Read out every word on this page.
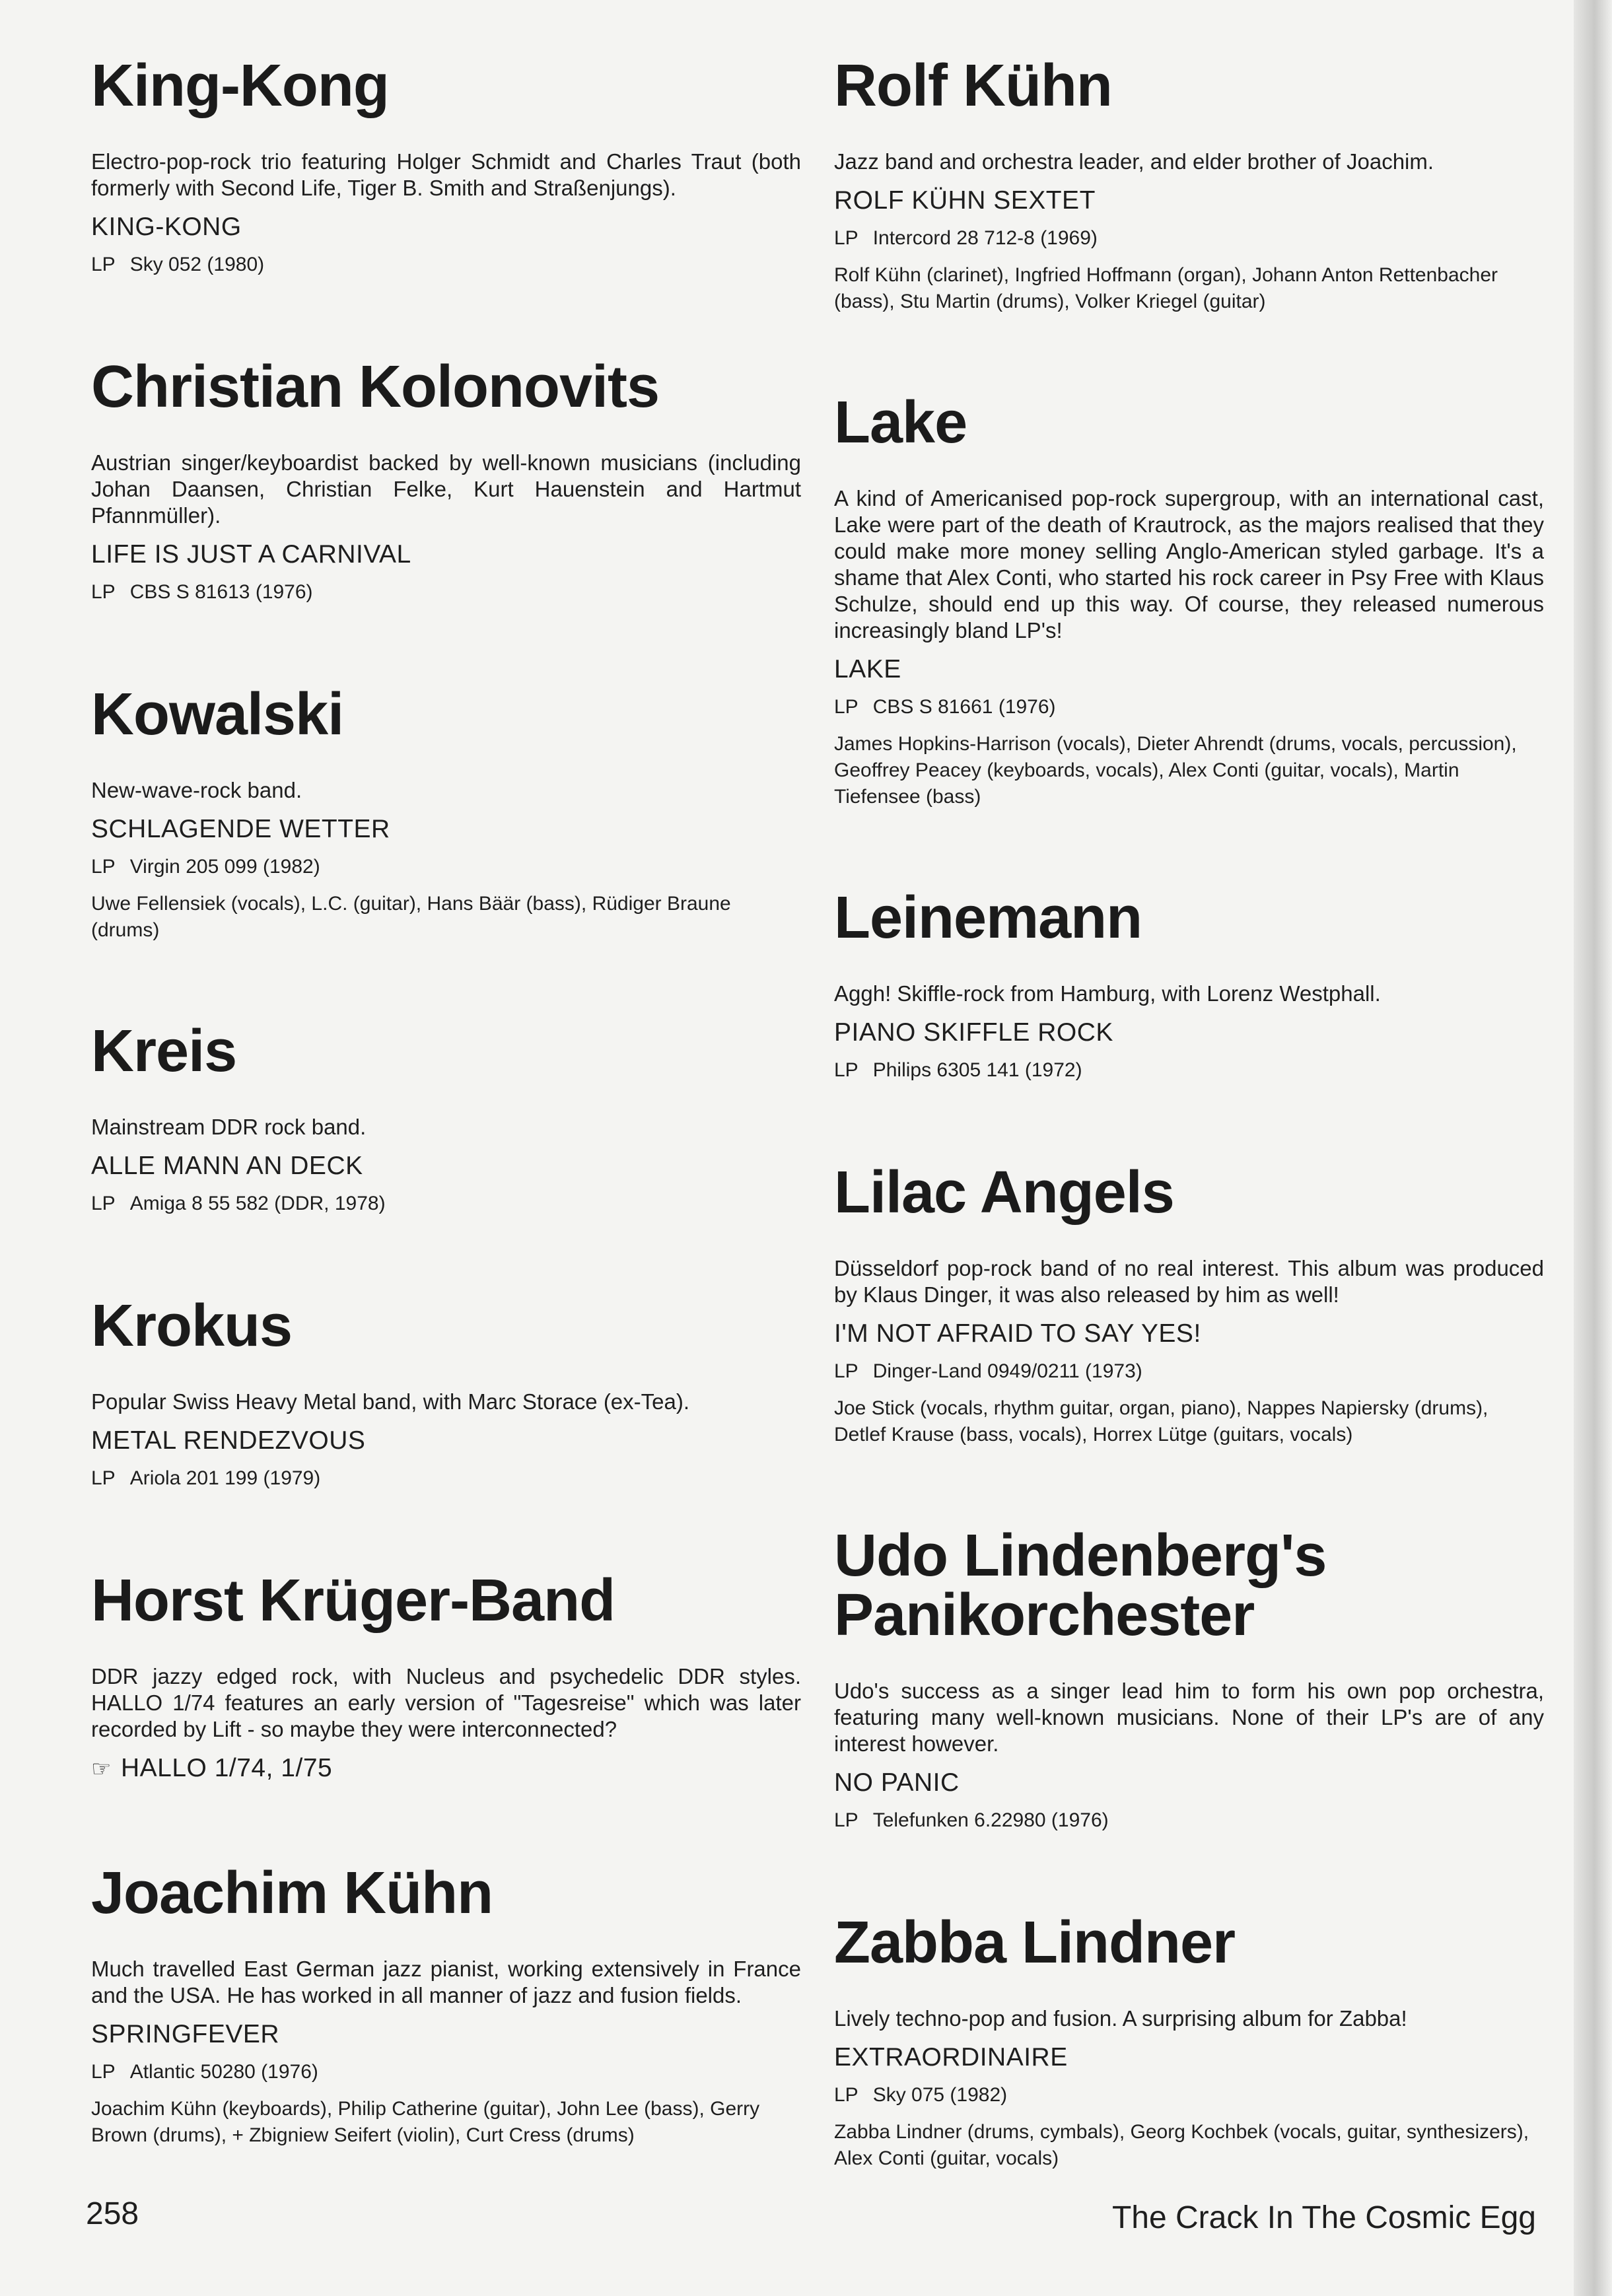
King-Kong

Electro-pop-rock trio featuring Holger Schmidt and Charles Traut (both formerly with Second Life, Tiger B. Smith and Straßenjungs).

KING-KONG
LP Sky 052 (1980)
Christian Kolonovits

Austrian singer/keyboardist backed by well-known musicians (including Johan Daansen, Christian Felke, Kurt Hauenstein and Hartmut Pfannmüller).

LIFE IS JUST A CARNIVAL
LP CBS S 81613 (1976)
Kowalski

New-wave-rock band.

SCHLAGENDE WETTER
LP Virgin 205 099 (1982)

Uwe Fellensiek (vocals), L.C. (guitar), Hans Bäär (bass), Rüdiger Braune (drums)

Kreis

Mainstream DDR rock band.

ALLE MANN AN DECK
LP Amiga 8 55 582 (DDR, 1978)
Krokus

Popular Swiss Heavy Metal band, with Marc Storace (ex-Tea).

METAL RENDEZVOUS
LP Ariola 201 199 (1979)
Horst Krüger-Band

DDR jazzy edged rock, with Nucleus and psychedelic DDR styles. HALLO 1/74 features an early version of "Tagesreise" which was later recorded by Lift - so maybe they were interconnected?

☞ HALLO 1/74, 1/75
Joachim Kühn

Much travelled East German jazz pianist, working extensively in France and the USA. He has worked in all manner of jazz and fusion fields.

SPRINGFEVER
LP Atlantic 50280 (1976)

Joachim Kühn (keyboards), Philip Catherine (guitar), John Lee (bass), Gerry Brown (drums), + Zbigniew Seifert (violin), Curt Cress (drums)

Rolf Kühn

Jazz band and orchestra leader, and elder brother of Joachim.

ROLF KÜHN SEXTET
LP Intercord 28 712-8 (1969)

Rolf Kühn (clarinet), Ingfried Hoffmann (organ), Johann Anton Rettenbacher (bass), Stu Martin (drums), Volker Kriegel (guitar)

Lake

A kind of Americanised pop-rock supergroup, with an international cast, Lake were part of the death of Krautrock, as the majors realised that they could make more money selling Anglo-American styled garbage. It's a shame that Alex Conti, who started his rock career in Psy Free with Klaus Schulze, should end up this way. Of course, they released numerous increasingly bland LP's!

LAKE
LP CBS S 81661 (1976)

James Hopkins-Harrison (vocals), Dieter Ahrendt (drums, vocals, percussion), Geoffrey Peacey (keyboards, vocals), Alex Conti (guitar, vocals), Martin Tiefensee (bass)

Leinemann

Aggh! Skiffle-rock from Hamburg, with Lorenz Westphall.

PIANO SKIFFLE ROCK
LP Philips 6305 141 (1972)
Lilac Angels

Düsseldorf pop-rock band of no real interest. This album was produced by Klaus Dinger, it was also released by him as well!

I'M NOT AFRAID TO SAY YES!
LP Dinger-Land 0949/0211 (1973)

Joe Stick (vocals, rhythm guitar, organ, piano), Nappes Napiersky (drums), Detlef Krause (bass, vocals), Horrex Lütge (guitars, vocals)

Udo Lindenberg's Panikorchester

Udo's success as a singer lead him to form his own pop orchestra, featuring many well-known musicians. None of their LP's are of any interest however.

NO PANIC
LP Telefunken 6.22980 (1976)
Zabba Lindner

Lively techno-pop and fusion. A surprising album for Zabba!

EXTRAORDINAIRE
LP Sky 075 (1982)

Zabba Lindner (drums, cymbals), Georg Kochbek (vocals, guitar, synthesizers), Alex Conti (guitar, vocals)

258	The Crack In The Cosmic Egg
